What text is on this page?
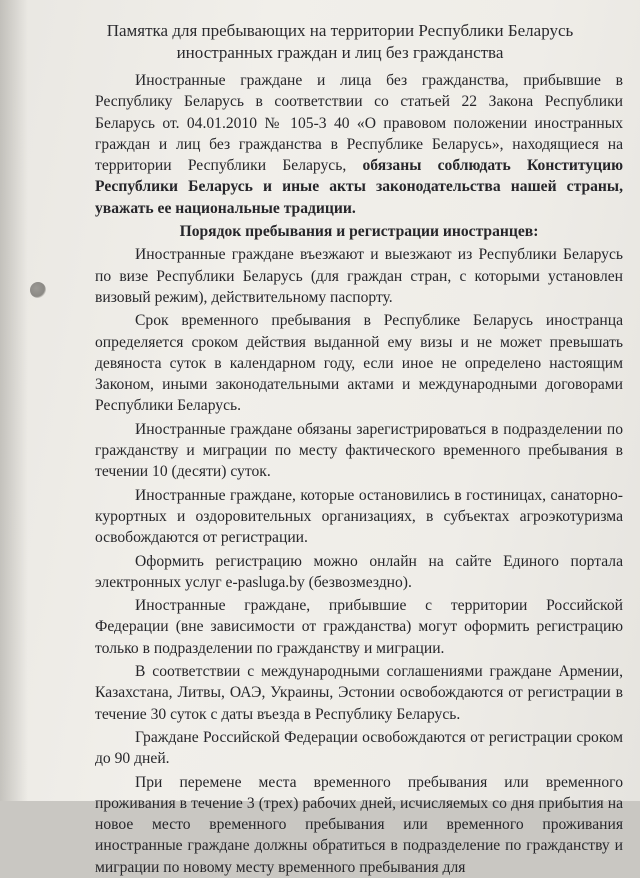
Памятка для пребывающих на территории Республики Беларусь
иностранных граждан и лиц без гражданства

Иностранные граждане и лица без гражданства, прибывшие в Республику Беларусь в соответствии со статьей 22 Закона Республики Беларусь от. 04.01.2010 № 105-3 40 «О правовом положении иностранных граждан и лиц без гражданства в Республике Беларусь», находящиеся на территории Республики Беларусь, обязаны соблюдать Конституцию Республики Беларусь и иные акты законодательства нашей страны, уважать ее национальные традиции.

Порядок пребывания и регистрации иностранцев:

Иностранные граждане въезжают и выезжают из Республики Беларусь по визе Республики Беларусь (для граждан стран, с которыми установлен визовый режим), действительному паспорту.

Срок временного пребывания в Республике Беларусь иностранца определяется сроком действия выданной ему визы и не может превышать девяноста суток в календарном году, если иное не определено настоящим Законом, иными законодательными актами и международными договорами Республики Беларусь.

Иностранные граждане обязаны зарегистрироваться в подразделении по гражданству и миграции по месту фактического временного пребывания в течении 10 (десяти) суток.

Иностранные граждане, которые остановились в гостиницах, санаторно-курортных и оздоровительных организациях, в субъектах агроэкотуризма освобождаются от регистрации.

Оформить регистрацию можно онлайн на сайте Единого портала электронных услуг e-pasluga.by (безвозмездно).

Иностранные граждане, прибывшие с территории Российской Федерации (вне зависимости от гражданства) могут оформить регистрацию только в подразделении по гражданству и миграции.

В соответствии с международными соглашениями граждане Армении, Казахстана, Литвы, ОАЭ, Украины, Эстонии освобождаются от регистрации в течение 30 суток с даты въезда в Республику Беларусь.

Граждане Российской Федерации освобождаются от регистрации сроком до 90 дней.

При перемене места временного пребывания или временного проживания в течение 3 (трех) рабочих дней, исчисляемых со дня прибытия на новое место временного пребывания или временного проживания иностранные граждане должны обратиться в подразделение по гражданству и миграции по новому месту временного пребывания для
